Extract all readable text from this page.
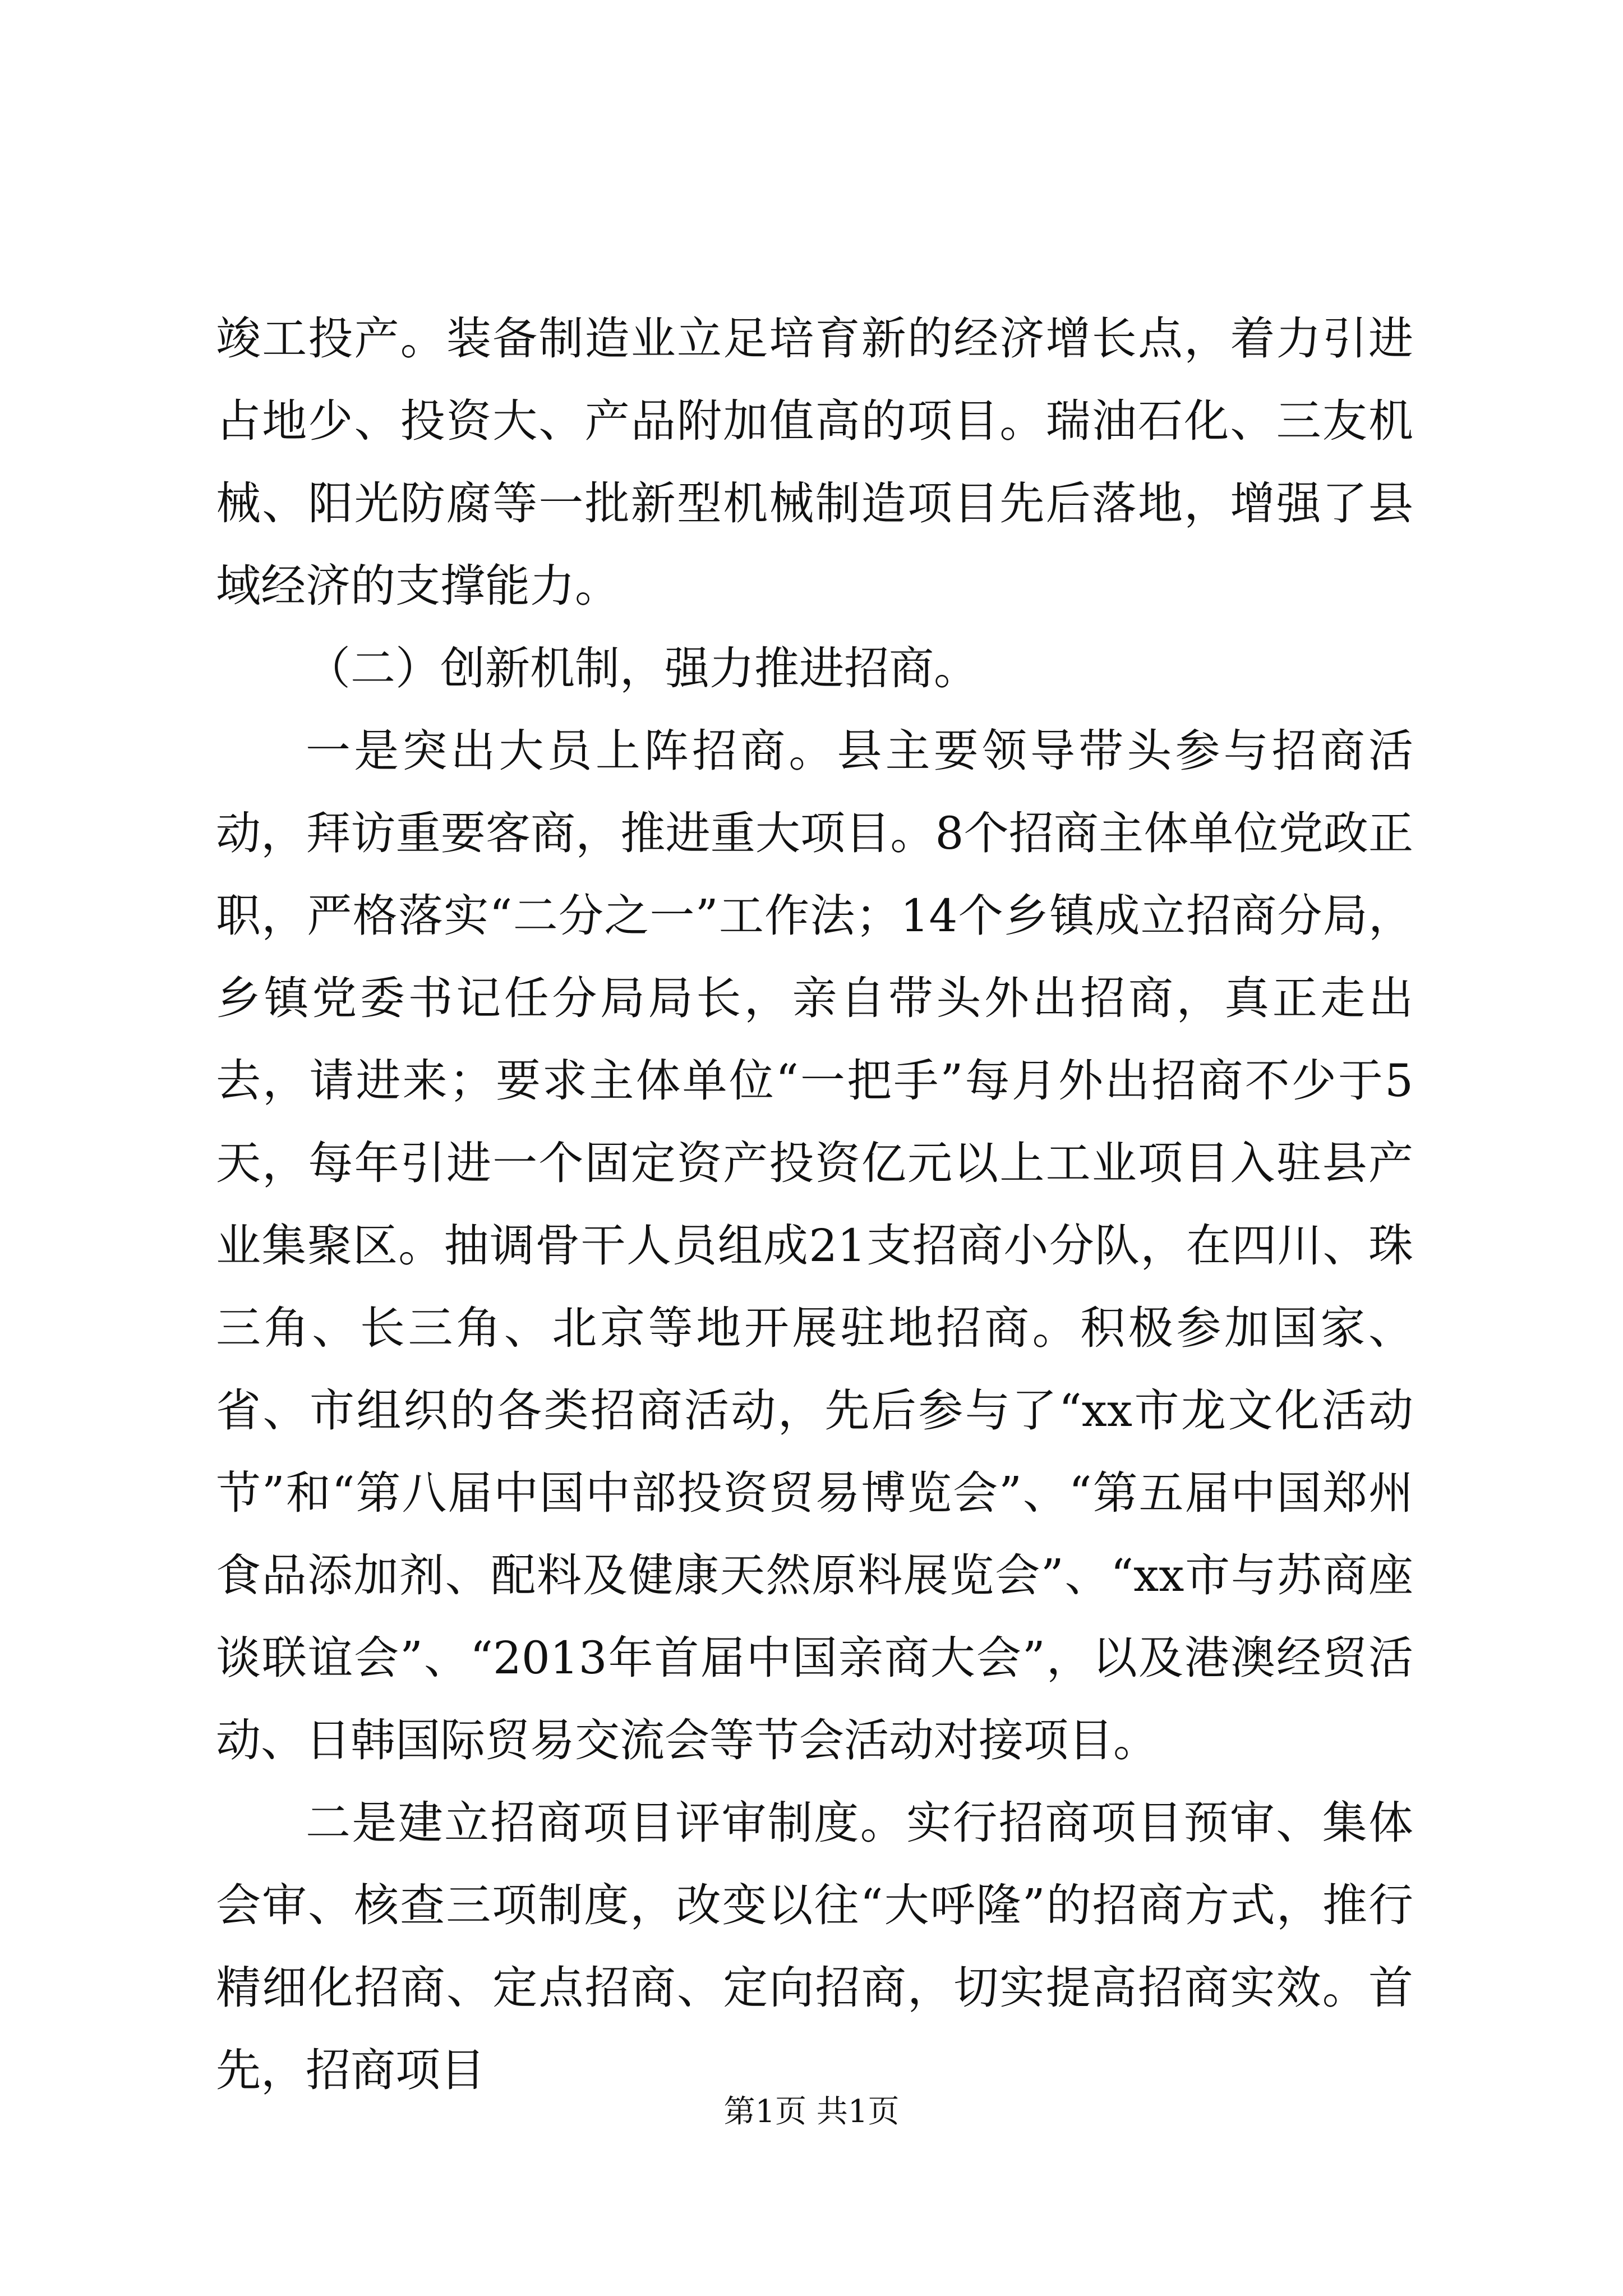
竣工投产。装备制造业立足培育新的经济增长点，着力引进占地少、投资大、产品附加值高的项目。瑞油石化、三友机械、阳光防腐等一批新型机械制造项目先后落地，增强了县域经济的支撑能力。

（二）创新机制，强力推进招商。

一是突出大员上阵招商。县主要领导带头参与招商活动，拜访重要客商，推进重大项目。8个招商主体单位党政正职，严格落实“二分之一”工作法；14个乡镇成立招商分局，乡镇党委书记任分局局长，亲自带头外出招商，真正走出去，请进来；要求主体单位“一把手”每月外出招商不少于5天，每年引进一个固定资产投资亿元以上工业项目入驻县产业集聚区。抽调骨干人员组成21支招商小分队，在四川、珠三角、长三角、北京等地开展驻地招商。积极参加国家、省、市组织的各类招商活动，先后参与了“xx市龙文化活动节”和“第八届中国中部投资贸易博览会”、“第五届中国郑州食品添加剂、配料及健康天然原料展览会”、“xx市与苏商座谈联谊会”、“2013年首届中国亲商大会”，以及港澳经贸活动、日韩国际贸易交流会等节会活动对接项目。

二是建立招商项目评审制度。实行招商项目预审、集体会审、核查三项制度，改变以往“大呼隆”的招商方式，推行精细化招商、定点招商、定向招商，切实提高招商实效。首先，招商项目

第1页 共1页
